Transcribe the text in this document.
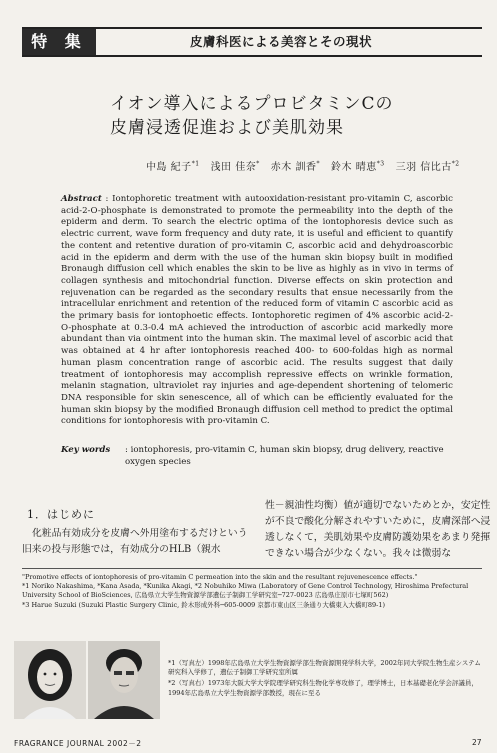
特 集	皮膚科医による美容とその現状
イオン導入によるプロビタミンCの
皮膚浸透促進および美肌効果
中島 紀子$^{*1}$ 浅田 佳奈* 赤木 訓香* 鈴木 晴恵$^{*3}$ 三羽 信比古$^{*2}$
Abstract : Iontophoretic treatment with autooxidation-resistant pro-vitamin C, ascorbic acid-2-O-phosphate is demonstrated to promote the permeability into the depth of the epiderm and derm. To search the electric optima of the iontophoresis device such as electric current, wave form frequency and duty rate, it is useful and efficient to quantify the content and retentive duration of pro-vitamin C, ascorbic acid and dehydroascorbic acid in the epiderm and derm with the use of the human skin biopsy built in modified Bronaugh diffusion cell which enables the skin to be live as highly as in vivo in terms of collagen synthesis and mitochondrial function. Diverse effects on skin protection and rejuvenation can be regarded as the secondary results that ensue necessarily from the intracellular enrichment and retention of the reduced form of vitamin C ascorbic acid as the primary basis for iontophoetic effects. Iontophoretic regimen of 4% ascorbic acid-2-O-phosphate at 0.3-0.4 mA achieved the introduction of ascorbic acid markedly more abundant than via ointment into the human skin. The maximal level of ascorbic acid that was obtained at 4 hr after iontophoresis reached 400- to 600-foldas high as normal human plasm concentration range of ascorbic acid. The results suggest that daily treatment of iontophoresis may accomplish repressive effects on wrinkle formation, melanin stagnation, ultraviolet ray injuries and age-dependent shortening of telomeric DNA responsible for skin senescence, all of which can be efficiently evaluated for the human skin biopsy by the modified Bronaugh diffusion cell method to predict the optimal conditions for iontophoresis with pro-vitamin C.
Key words : iontophoresis, pro-vitamin C, human skin biopsy, drug delivery, reactive oxygen species
1．はじめに
化粧品有効成分を皮膚へ外用塗布するだけという旧来の投与形態では，有効成分のHLB（親水
性－親油性均衡）値が適切でないためとか，安定性が不良で酸化分解されやすいために，皮膚深部へ浸透しなくて，美肌効果や皮膚防護効果をあまり発揮できない場合が少なくない。我々は微弱な

"Promotive effects of iontophoresis of pro-vitamin C permeation into the skin and the resultant rejuvenescence effects."

*1 Noriko Nakashima, *Kana Asada, *Kunika Akagi, *2 Nobuhiko Miwa (Laboratory of Gene Control Technology, Hiroshima Prefectural University School of BioSciences, 広島県立大学生物資源学部遺伝子制御工学研究室─727-0023 広島県庄原市七塚町562)

*3 Harue Suzuki (Suzuki Plastic Surgery Clinic, 鈴木形成外科─605-0009 京都市東山区三条通り大橋東入大橋町89-1)

*1（写真左）1998年広島県立大学生物資源学部生物資源開発学科大学，2002年同大学院生物生産システム研究科入学修了，遺伝子制御工学研究室所属

*2（写真右）1973年大阪大学大学院理学研究科生物化学専攻修了，理学博士，日本基礎老化学会評議員，1994年広島県立大学生物資源学部教授，現在に至る

FRAGRANCE JOURNAL 2002－2	27
